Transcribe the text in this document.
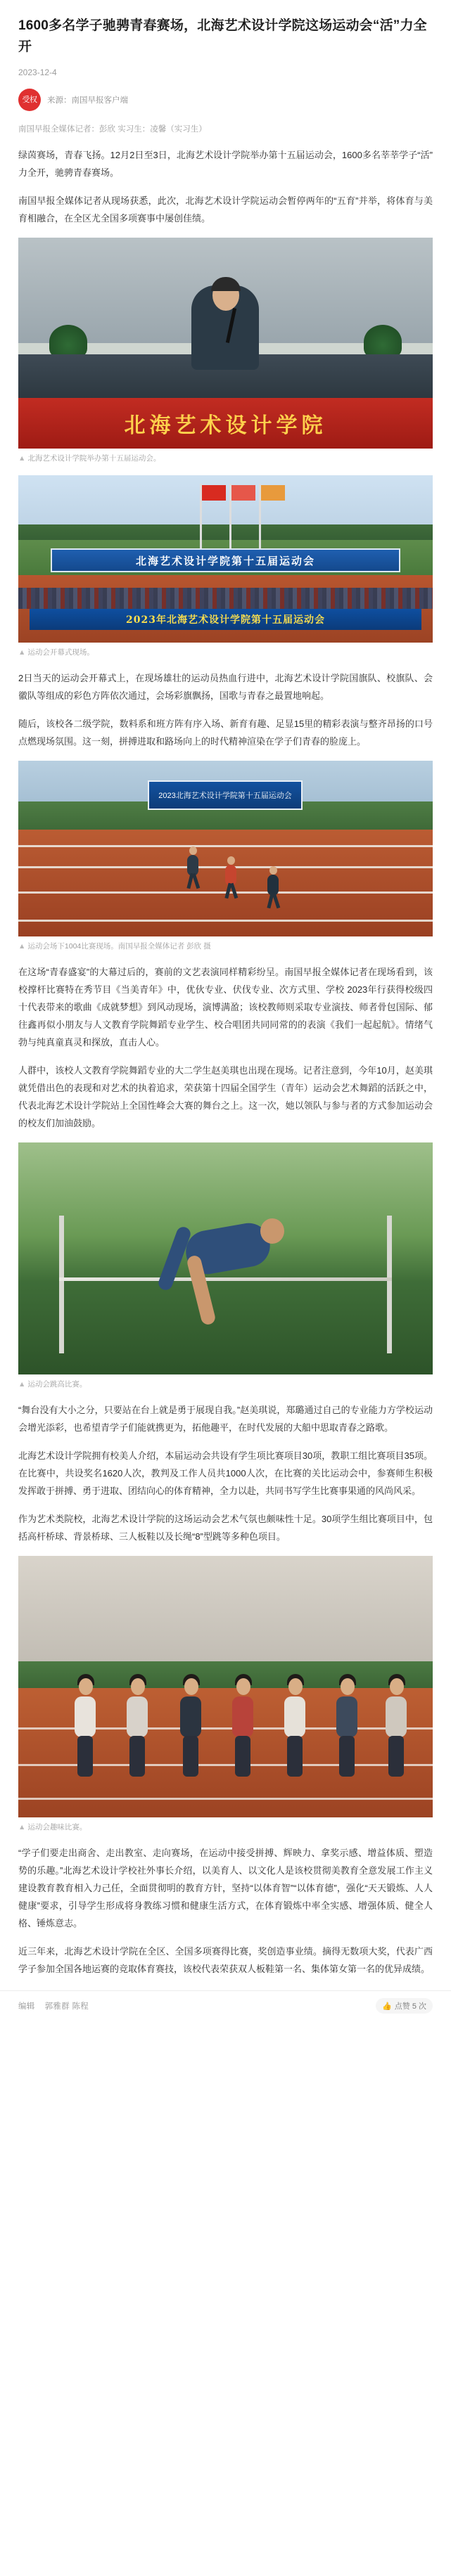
1600多名学子驰骋青春赛场，北海艺术设计学院这场运动会“活”力全开
2023-12-4
受权	来源：南国早报客户端
南国早报全媒体记者：彭欣 实习生：凌馨（实习生）

绿茵赛场，青春飞扬。12月2日至3日，北海艺术设计学院举办第十五届运动会，1600多名莘莘学子“活”力全开，驰骋青春赛场。

南国早报全媒体记者从现场获悉，此次，北海艺术设计学院运动会暂停两年的“五育”并举，将体育与美育相融合，在全区尤全国多项赛事中屡创佳绩。

北海艺术设计学院
▲ 北海艺术设计学院举办第十五届运动会。
北海艺术设计学院第十五届运动会
2023年北海艺术设计学院第十五届运动会
▲ 运动会开幕式现场。

2日当天的运动会开幕式上，在现场雄壮的运动员热血行进中，北海艺术设计学院国旗队、校旗队、会徽队等组成的彩色方阵依次通过，会场彩旗飘扬，国歌与青春之最置地响起。

随后，该校各二级学院，数料系和班方阵有序入场、新育有趣、足显15里的精彩表演与整齐昂扬的口号点燃现场氛围。这一刻，拼搏进取和路场向上的时代精神渲染在学子们青春的脸庞上。

2023北海艺术设计学院第十五届运动会
▲ 运动会场下1004比赛现场。南国早报全媒体记者 彭欣 摄

在这场“青春盛宴”的大幕过后的，赛前的文艺表演同样精彩纷呈。南国早报全媒体记者在现场看到，该校撑杆比赛特在秀节目《当美青年》中，优伙专业、伏伐专业、次方式里、学校 2023年行获得校级四十代表带来的歌曲《成就梦想》到风动现场，演博满盈；该校教师则采取专业演技、师者骨包国际、郁往鑫再似小朋友与人文教育学院舞蹈专业学生、校合唱团共同同常的的表演《我们一起起航》。情绪气勃与纯真童真灵和探放，直击人心。

人群中，该校人文教育学院舞蹈专业的大二学生赵美琪也出现在现场。记者注意到，今年10月，赵美琪就凭借出色的表现和对艺术的执着追求，荣获第十四届全国学生（青年）运动会艺术舞蹈的活跃之中，代表北海艺术设计学院站上全国性峰会大赛的舞台之上。这一次，她以领队与参与者的方式参加运动会的校友们加油鼓励。

▲ 运动会跳高比赛。

“舞台没有大小之分，只要站在台上就是勇于展现自我。”赵美琪说，郑璐通过自己的专业能力方学校运动会增光添彩，也希望青学子们能就携更为，拓他趣平，在时代发展的大船中思取青春之路歌。

北海艺术设计学院拥有校美人介绍，本届运动会共设有学生项比赛项目30项，教职工组比赛项目35项。在比赛中，共设奖名1620人次，教判及工作人员共1000人次，在比赛的关比运动会中，参赛师生积极发挥敢于拼搏、勇于进取、团结向心的体育精神，全力以赴，共同书写学生比赛事果通的风尚风采。

作为艺术类院校，北海艺术设计学院的这场运动会艺术气氛也颇味性十足。30项学生组比赛项目中，包括高杆桥球、背景桥球、三人板鞋以及长绳“8”型跳等多种色项目。

▲ 运动会趣味比赛。

“学子们要走出商舍、走出教室、走向赛场，在运动中接受拼搏、辉映力、拿奖示感、增益体质、塑造势的乐趣。”北海艺术设计学校社外事长介绍，以美育人、以文化人是该校贯彻美教育全意发展工作主义建设教育教育相入力己任，全面贯彻明的教育方针，坚持“以体育智”“以体育德”，强化“天天锻炼、人人健康”要求，引导学生形成将身教练习惯和健康生活方式，在体育锻炼中率全实感、增强体质、健全人格、锤炼意志。

近三年来，北海艺术设计学院在全区、全国多项赛得比赛，奖创造事业绩。摘得无数项大奖，代表广西学子参加全国各地运赛的竞取体育赛技，该校代表荣获双人板鞋第一名、集体第女第一名的优异成绩。

编辑 郭雅群 陈程	👍 点赞 5 次
